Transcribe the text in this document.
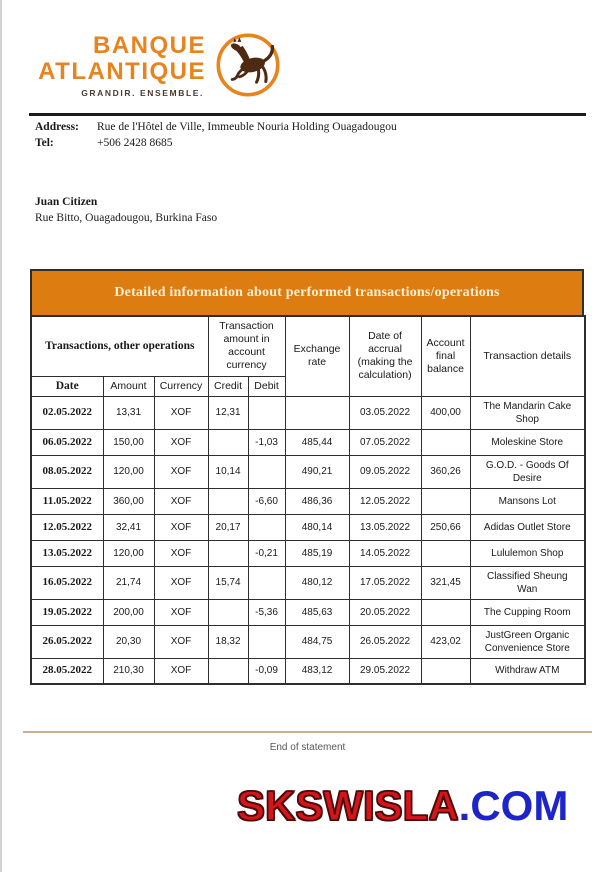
BANQUE
ATLANTIQUE
GRANDIR. ENSEMBLE.
Address:	Rue de l'Hôtel de Ville, Immeuble Nouria Holding Ouagadougou
Tel:	+506 2428 8685
Juan Citizen
Rue Bitto, Ouagadougou, Burkina Faso
Detailed information about performed transactions/operations
Transactions, other operations			Transaction amount in account currency		Exchange rate	Date of accrual (making the calculation)	Account final balance	Transaction details
Date	Amount	Currency	Credit	Debit				
02.05.2022	13,31	XOF	12,31			03.05.2022	400,00	The Mandarin Cake Shop
06.05.2022	150,00	XOF		-1,03	485,44	07.05.2022		Moleskine Store
08.05.2022	120,00	XOF	10,14		490,21	09.05.2022	360,26	G.O.D. - Goods Of Desire
11.05.2022	360,00	XOF		-6,60	486,36	12.05.2022		Mansons Lot
12.05.2022	32,41	XOF	20,17		480,14	13.05.2022	250,66	Adidas Outlet Store
13.05.2022	120,00	XOF		-0,21	485,19	14.05.2022		Lululemon Shop
16.05.2022	21,74	XOF	15,74		480,12	17.05.2022	321,45	Classified Sheung Wan
19.05.2022	200,00	XOF		-5,36	485,63	20.05.2022		The Cupping Room
26.05.2022	20,30	XOF	18,32		484,75	26.05.2022	423,02	JustGreen Organic Convenience Store
28.05.2022	210,30	XOF		-0,09	483,12	29.05.2022		Withdraw ATM
End of statement
SKSWISLA.COM
